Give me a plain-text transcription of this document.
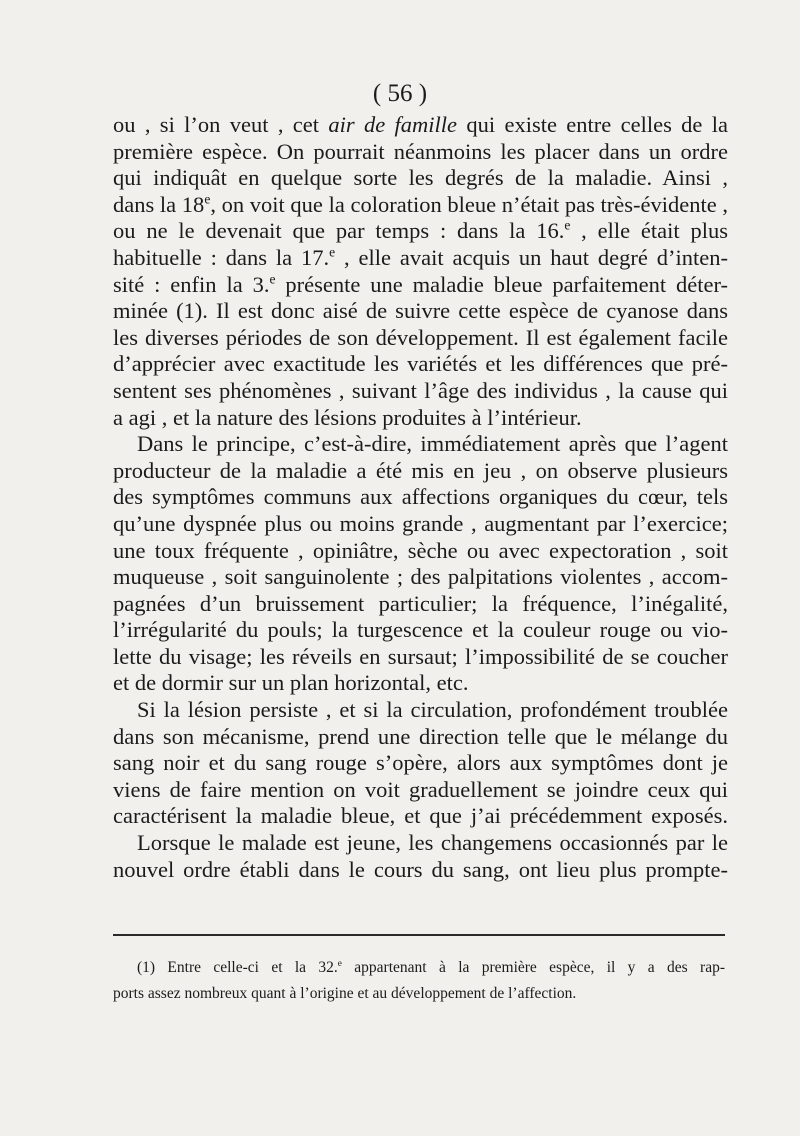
( 56 )
ou , si l’on veut , cet air de famille qui existe entre celles de la
première espèce. On pourrait néanmoins les placer dans un ordre
qui indiquât en quelque sorte les degrés de la maladie. Ainsi ,
dans la 18e, on voit que la coloration bleue n’était pas très-évidente ,
ou ne le devenait que par temps : dans la 16.$^e$ , elle était plus
habituelle : dans la 17.$^e$ , elle avait acquis un haut degré d’inten-
sité : enfin la 3.$^e$ présente une maladie bleue parfaitement déter-
minée (1). Il est donc aisé de suivre cette espèce de cyanose dans
les diverses périodes de son développement. Il est également facile
d’apprécier avec exactitude les variétés et les différences que pré-
sentent ses phénomènes , suivant l’âge des individus , la cause qui
a agi , et la nature des lésions produites à l’intérieur.
Dans le principe, c’est-à-dire, immédiatement après que l’agent
producteur de la maladie a été mis en jeu , on observe plusieurs
des symptômes communs aux affections organiques du cœur, tels
qu’une dyspnée plus ou moins grande , augmentant par l’exercice;
une toux fréquente , opiniâtre, sèche ou avec expectoration , soit
muqueuse , soit sanguinolente ; des palpitations violentes , accom-
pagnées d’un bruissement particulier; la fréquence, l’inégalité,
l’irrégularité du pouls; la turgescence et la couleur rouge ou vio-
lette du visage; les réveils en sursaut; l’impossibilité de se coucher
et de dormir sur un plan horizontal, etc.
Si la lésion persiste , et si la circulation, profondément troublée
dans son mécanisme, prend une direction telle que le mélange du
sang noir et du sang rouge s’opère, alors aux symptômes dont je
viens de faire mention on voit graduellement se joindre ceux qui
caractérisent la maladie bleue, et que j’ai précédemment exposés.
Lorsque le malade est jeune, les changemens occasionnés par le
nouvel ordre établi dans le cours du sang, ont lieu plus prompte-
(1) Entre celle-ci et la 32.$^e$ appartenant à la première espèce, il y a des rap-
ports assez nombreux quant à l’origine et au développement de l’affection.
